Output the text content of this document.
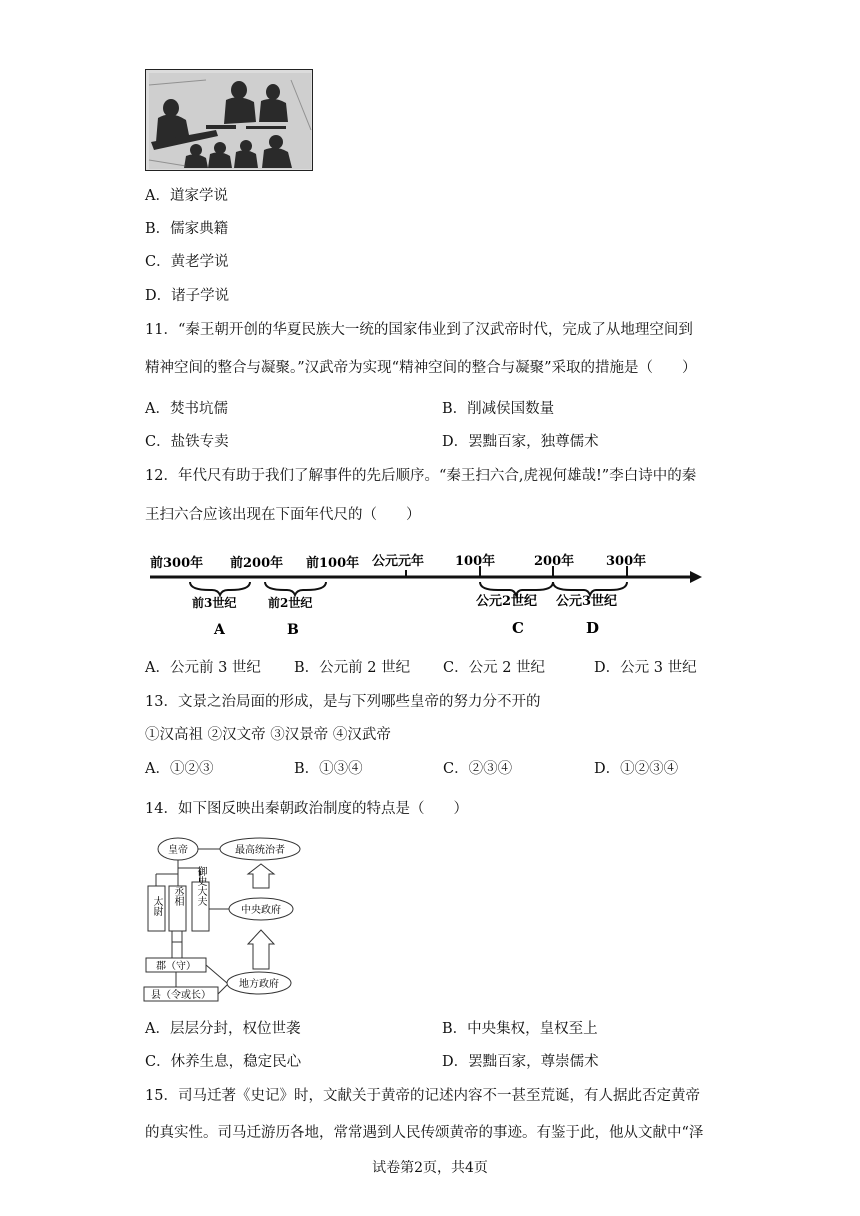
A．道家学说
B．儒家典籍
C．黄老学说
D．诸子学说
11．“秦王朝开创的华夏民族大一统的国家伟业到了汉武帝时代，完成了从地理空间到
精神空间的整合与凝聚。”汉武帝为实现“精神空间的整合与凝聚”采取的措施是（　　）
A．焚书坑儒	B．削减侯国数量
C．盐铁专卖	D．罢黜百家，独尊儒术
12．年代尺有助于我们了解事件的先后顺序。“秦王扫六合,虎视何雄哉!”李白诗中的秦
王扫六合应该出现在下面年代尺的（　　）
前300年 前200年 前100年 公元元年 100年	200年 300年
前3世纪	前2世纪	公元2世纪 公元3世纪
A	B	C	D
A．公元前 3 世纪 B．公元前 2 世纪 C．公元 2 世纪	D．公元 3 世纪
13．文景之治局面的形成，是与下列哪些皇帝的努力分不开的
①汉高祖 ②汉文帝 ③汉景帝 ④汉武帝
A．①②③	B．①③④	C．②③④	D．①②③④
14．如下图反映出秦朝政治制度的特点是（　　）
皇帝	最高统治者
中央政府
地方政府
太尉 丞相 御史大夫
郡（守）
县（令或长）
A．层层分封，权位世袭	B．中央集权，皇权至上
C．休养生息，稳定民心	D．罢黜百家，尊崇儒术
15．司马迁著《史记》时，文献关于黄帝的记述内容不一甚至荒诞，有人据此否定黄帝
的真实性。司马迁游历各地，常常遇到人民传颂黄帝的事迹。有鉴于此，他从文献中“泽
试卷第2页，共4页
